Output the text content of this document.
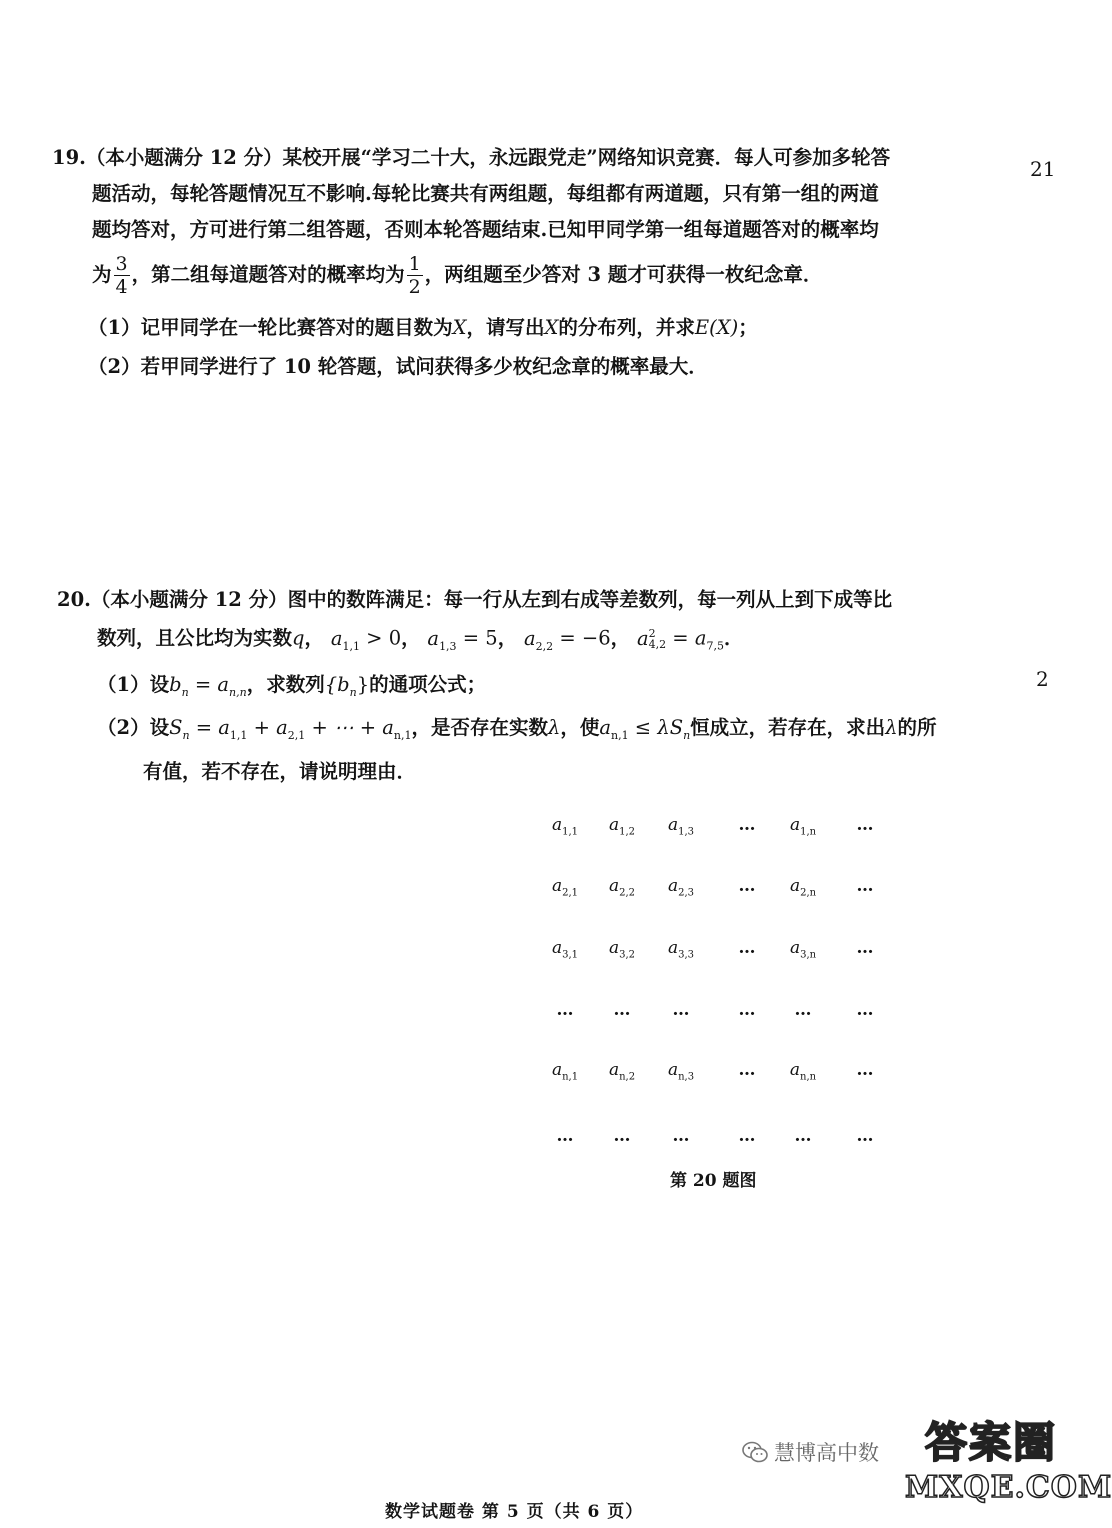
21
2
19.（本小题满分 12 分）某校开展“学习二十大，永远跟党走”网络知识竞赛．每人可参加多轮答
题活动，每轮答题情况互不影响.每轮比赛共有两组题，每组都有两道题，只有第一组的两道
题均答对，方可进行第二组答题，否则本轮答题结束.已知甲同学第一组每道题答对的概率均
为 $\frac{3}{4}$ ，第二组每道题答对的概率均为 $\frac{1}{2}$ ，两组题至少答对 3 题才可获得一枚纪念章．
（1）记甲同学在一轮比赛答对的题目数为X，请写出X的分布列，并求E(X)；
（2）若甲同学进行了 10 轮答题，试问获得多少枚纪念章的概率最大．
20.（本小题满分 12 分）图中的数阵满足：每一行从左到右成等差数列，每一列从上到下成等比
数列，且公比均为实数q， $a_{1,1} > 0$， $a_{1,3} = 5$， $a_{2,2} = -6$， a 2
$4,2 = a_{7,5}$．
（1）设$b_n = a_{n,n}$，求数列$\{b_n\}$的通项公式；
（2）设$S_n = a_{1,1} + a_{2,1}$ + ⋯ + $a_{n,1}$，是否存在实数λ，使$a_{n,1} \le \lambda S_n$恒成立，若存在，求出λ的所
有值，若不存在，请说明理由．
$a_{1,1}$	$a_{1,2}$	$a_{1,3}$	…	$a_{1,n}$	…
$a_{2,1}$	$a_{2,2}$	$a_{2,3}$	…	$a_{2,n}$	…
$a_{3,1}$	$a_{3,2}$	$a_{3,3}$	…	$a_{3,n}$	…
…	…	…	…	…	…
$a_{n,1}$	$a_{n,2}$	$a_{n,3}$	…	$a_{n,n}$	…
…	…	…	…	…	…
第 20 题图
数学试题卷 第 5 页（共 6 页）
慧博高中数	答案圈
MXQE.COM
